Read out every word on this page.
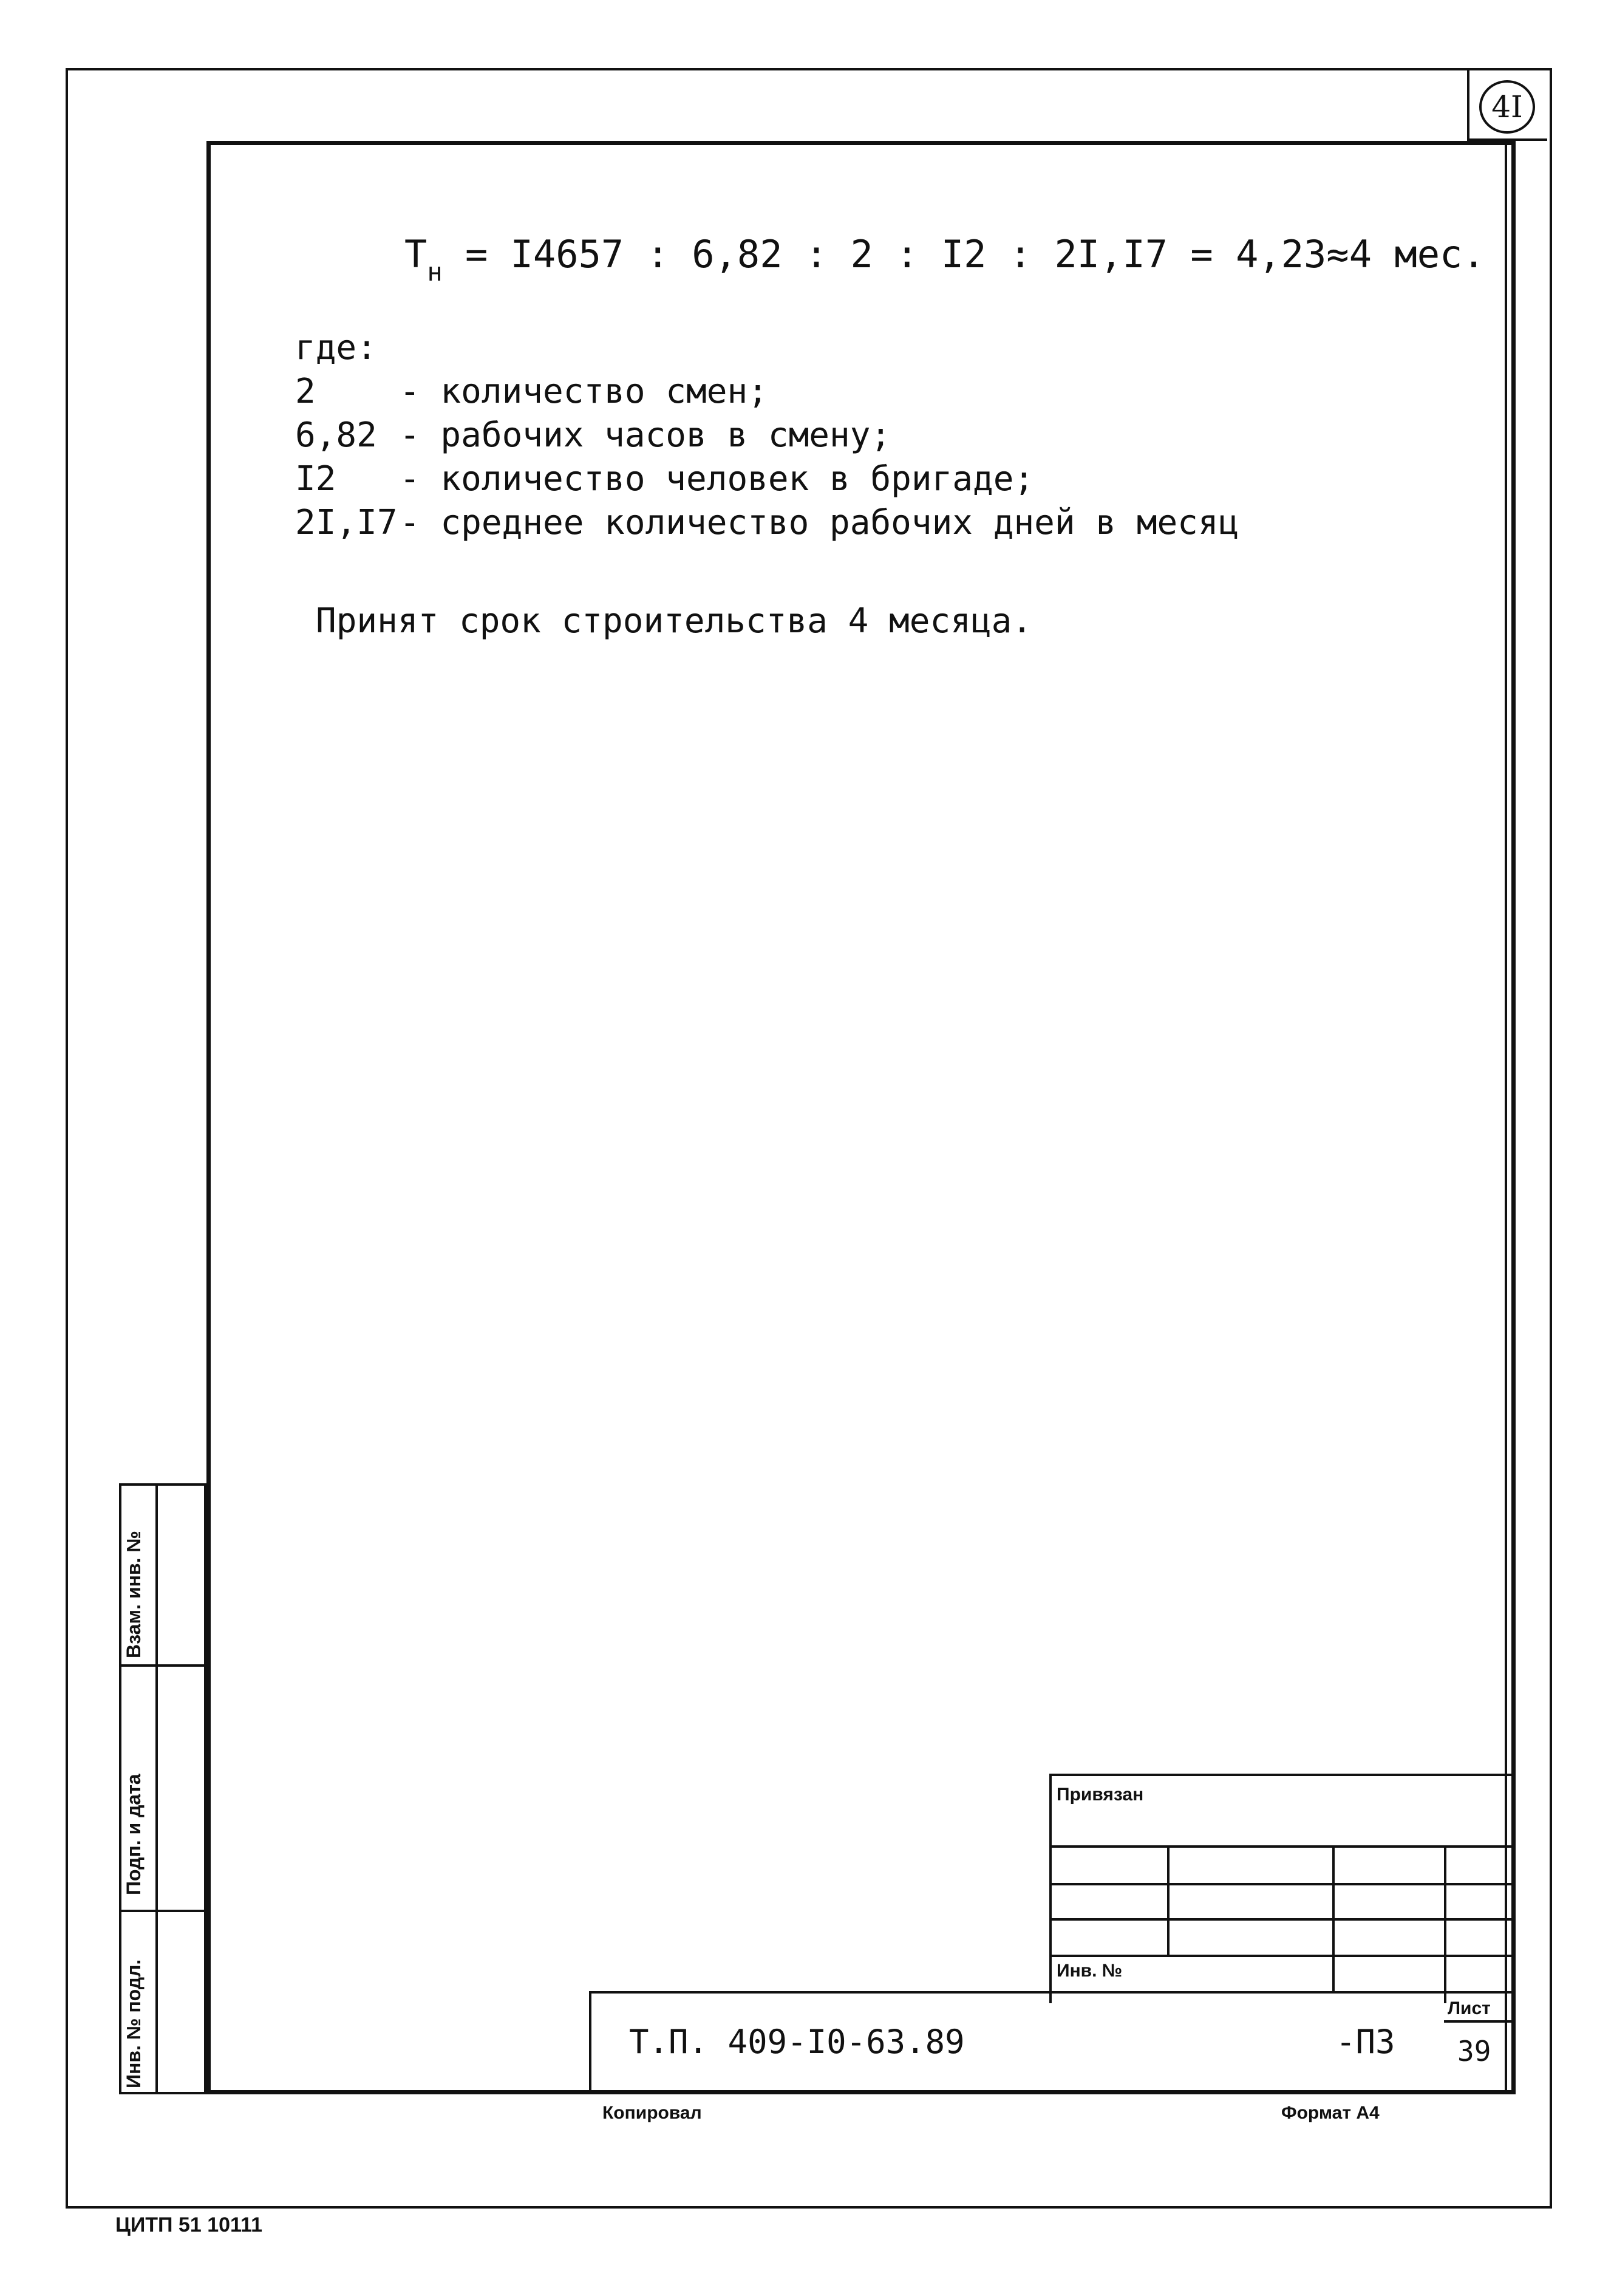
4I
$T_н = I4657$ : 6,82 : 2 : I2 : 2I,I7 = 4,23≈4 мес.
где:
2 - количество смен;
6,82 - рабочих часов в смену;
I2 - количество человек в бригаде;
2I,I7- среднее количество рабочих дней в месяц
Принят срок строительства 4 месяца.
Взам. инв. №
Подп. и дата
Инв. № подл.
Привязан
Инв. №
Т.П. 409-I0-63.89	-ПЗ
Лист
39
Копировал	Формат А4
ЦИТП 51 10111
